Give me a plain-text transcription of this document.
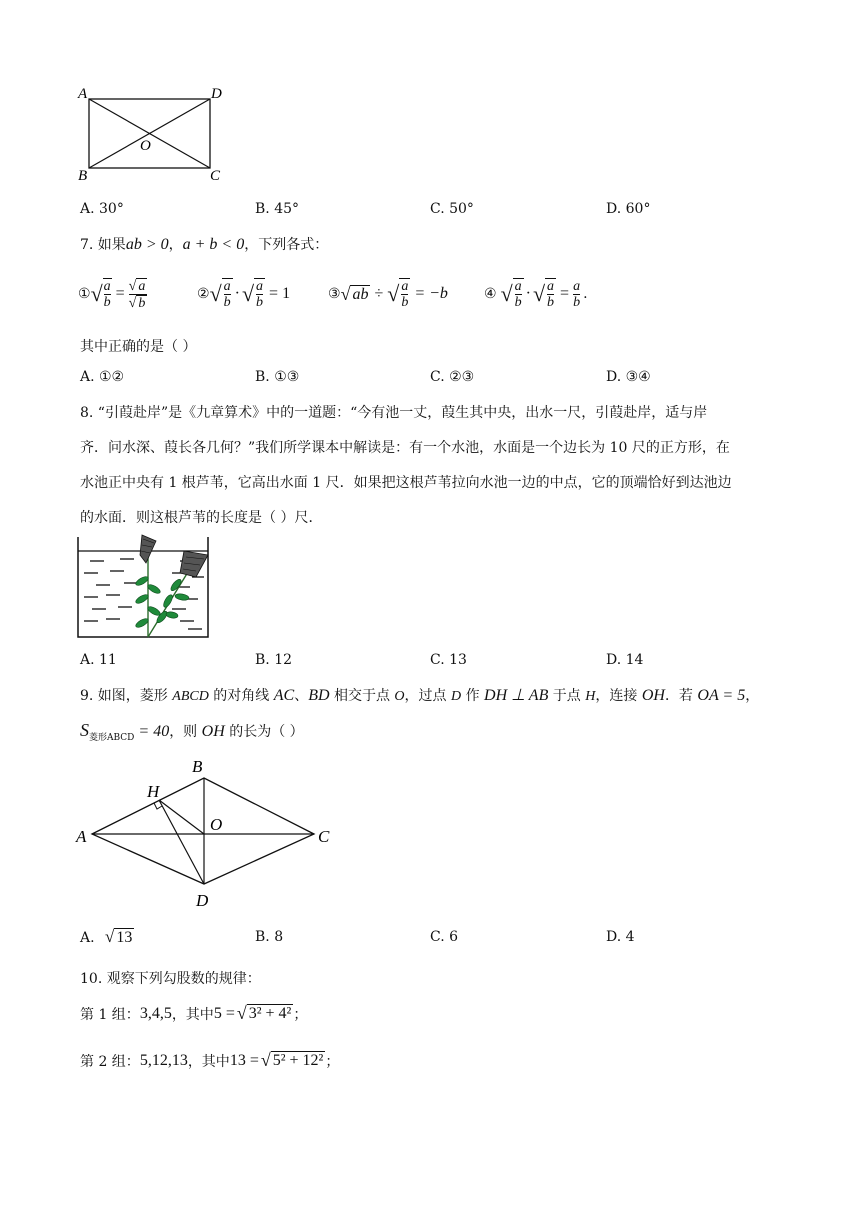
A	D
O
B	C
A. 30°	B. 45°	C. 50°	D. 60°
7. 如果ab > 0，a + b < 0，下列各式：
① √ $\frac{a}{b} = \frac{√ a}{√ b}$	② √ $\frac{a}{b}$ · √ $\frac{a}{b} = 1$	③ √ ab ÷ √ $\frac{a}{b} = -b$	④ √ $\frac{a}{b}$ · √ $\frac{a}{b} = \frac{a}{b}$ .
其中正确的是（ ）
A. ①②	B. ①③	C. ②③	D. ③④
8. “引葭赴岸”是《九章算术》中的一道题：“今有池一丈，葭生其中央，出水一尺，引葭赴岸，适与岸
齐．问水深、葭长各几何？”我们所学课本中解读是：有一个水池，水面是一个边长为 10 尺的正方形，在
水池正中央有 1 根芦苇，它高出水面 1 尺．如果把这根芦苇拉向水池一边的中点，它的顶端恰好到达池边
的水面．则这根芦苇的长度是（ ）尺．
A. 11	B. 12	C. 13	D. 14
9. 如图，菱形 ABCD 的对角线 AC、BD 相交于点 O，过点 D 作 DH ⊥ AB 于点 H，连接 OH．若 OA = 5，
$S_{菱形ABCD} = 40$，则 OH 的长为（ ）
B
H
A
O
C
D
A. √ 13	B. 8	C. 6	D. 4
10. 观察下列勾股数的规律：
第 1 组： 3,4,5 ，其中 5 = √ 3² + 4² ；
第 2 组： 5,12,13 ，其中 13 = √ 5² + 12² ；
